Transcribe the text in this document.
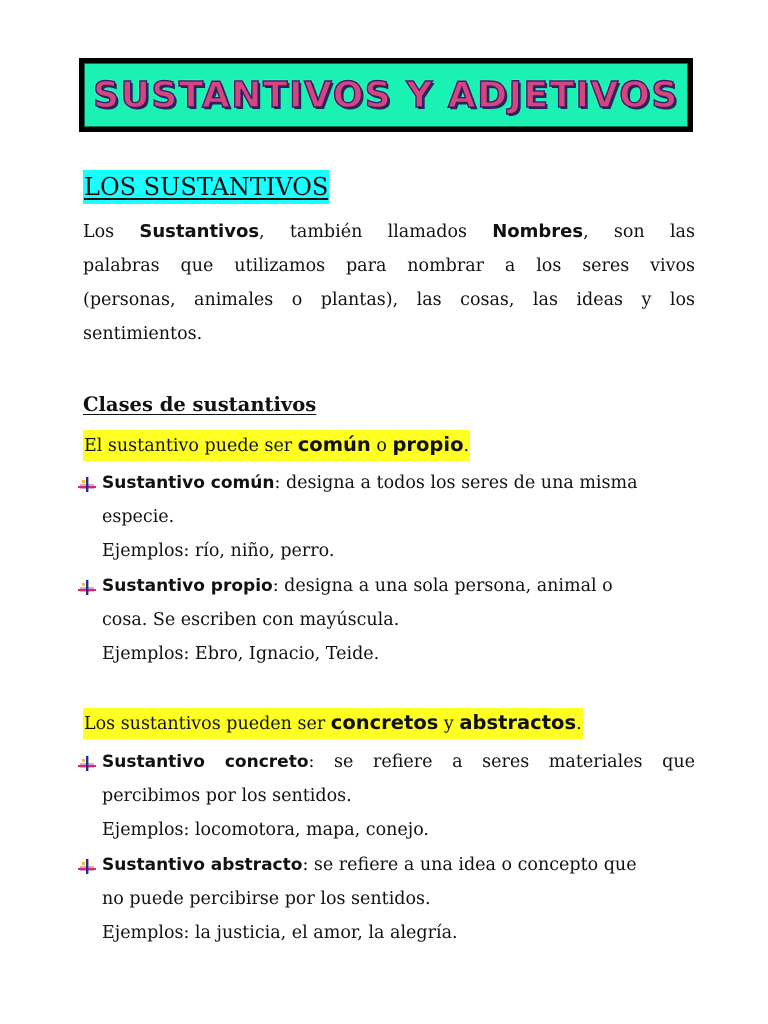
SUSTANTIVOS Y ADJETIVOS
LOS SUSTANTIVOS
Los Sustantivos, también llamados Nombres, son las
palabras que utilizamos para nombrar a los seres vivos
(personas, animales o plantas), las cosas, las ideas y los
sentimientos.
Clases de sustantivos
El sustantivo puede ser común o propio.
Sustantivo común: designa a todos los seres de una misma
especie.
Ejemplos: río, niño, perro.
Sustantivo propio: designa a una sola persona, animal o
cosa. Se escriben con mayúscula.
Ejemplos: Ebro, Ignacio, Teide.
Los sustantivos pueden ser concretos y abstractos.
Sustantivo concreto: se refiere a seres materiales que
percibimos por los sentidos.
Ejemplos: locomotora, mapa, conejo.
Sustantivo abstracto: se refiere a una idea o concepto que
no puede percibirse por los sentidos.
Ejemplos: la justicia, el amor, la alegría.
